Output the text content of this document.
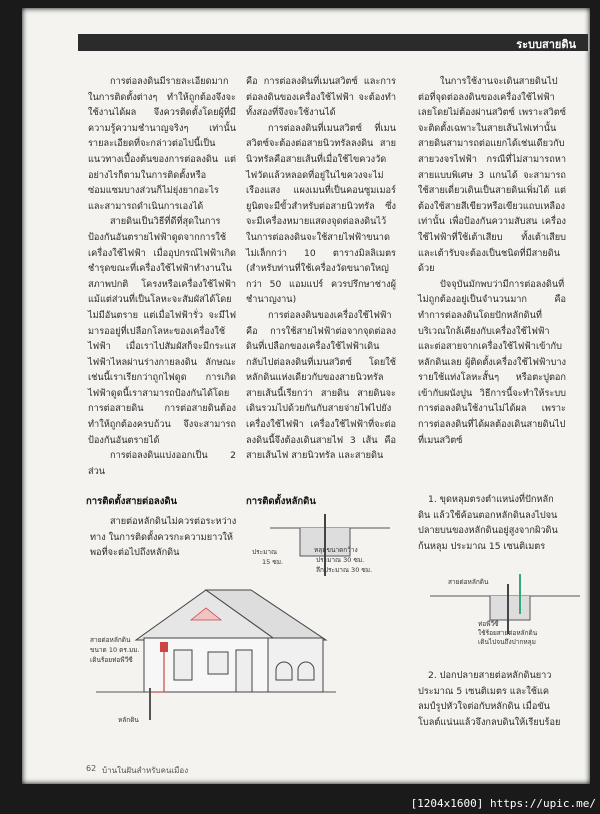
ระบบสายดิน

การต่อลงดินมีรายละเอียดมากในการติดตั้งต่างๆ ทำให้ถูกต้องจึงจะใช้งานได้ผล จึงควรติดตั้งโดยผู้ที่มีความรู้ความชำนาญจริงๆ เท่านั้น รายละเอียดที่จะกล่าวต่อไปนี้เป็นแนวทางเบื้องต้นของการต่อลงดิน แต่อย่างไรก็ตามในการติดตั้งหรือซ่อมแซมบางส่วนก็ไม่ยุ่งยากอะไร และสามารถดำเนินการเองได้

สายดินเป็นวิธีที่ดีที่สุดในการป้องกันอันตรายไฟฟ้าดูดจากการใช้เครื่องใช้ไฟฟ้า เมื่ออุปกรณ์ไฟฟ้าเกิดชำรุดขณะที่เครื่องใช้ไฟฟ้าทำงานในสภาพปกติ โครงหรือเครื่องใช้ไฟฟ้าแม้แต่ส่วนที่เป็นโลหะจะสัมผัสได้โดยไม่มีอันตราย แต่เมื่อไฟฟ้ารั่ว จะมีไฟมารออยู่ที่เปลือกโลหะของเครื่องใช้ไฟฟ้า เมื่อเราไปสัมผัสก็จะมีกระแสไฟฟ้าไหลผ่านร่างกายลงดิน ลักษณะเช่นนี้เราเรียกว่าถูกไฟดูด การเกิดไฟฟ้าดูดนี้เราสามารถป้องกันได้โดยการต่อสายดิน การต่อสายดินต้องทำให้ถูกต้องครบถ้วน จึงจะสามารถป้องกันอันตรายได้

การต่อลงดินแบ่งออกเป็น 2 ส่วน

คือ การต่อลงดินที่เมนสวิตซ์ และการต่อลงดินของเครื่องใช้ไฟฟ้า จะต้องทำทั้งสองที่จึงจะใช้งานได้

การต่อลงดินที่เมนสวิตซ์ ที่เมนสวิตซ์จะต้องต่อสายนิวทรัลลงดิน สายนิวทรัลคือสายเส้นที่เมื่อใช้ไขควงวัดไฟวัดแล้วหลอดที่อยู่ในไขควงจะไม่เรืองแสง แผงเมนที่เป็นคอนซูมเมอร์ยูนิตจะมีขั้วสำหรับต่อสายนิวทรัล ซึ่งจะมีเครื่องหมายแสดงจุดต่อลงดินไว้ ในการต่อลงดินจะใช้สายไฟฟ้าขนาดไม่เล็กกว่า 10 ตารางมิลลิเมตร (สำหรับท่านที่ใช้เครื่องวัดขนาดใหญ่กว่า 50 แอมแปร์ ควรปรึกษาช่างผู้ชำนาญงาน)

การต่อลงดินของเครื่องใช้ไฟฟ้า คือ การใช้สายไฟฟ้าต่อจากจุดต่อลงดินที่เปลือกของเครื่องใช้ไฟฟ้าเดินกลับไปต่อลงดินที่เมนสวิตซ์ โดยใช้หลักดินแห่งเดียวกับของสายนิวทรัล สายเส้นนี้เรียกว่า สายดิน สายดินจะเดินรวมไปด้วยกันกับสายจ่ายไฟไปยังเครื่องใช้ไฟฟ้า เครื่องใช้ไฟฟ้าที่จะต่อลงดินนี้จึงต้องเดินสายไฟ 3 เส้น คือ สายเส้นไฟ สายนิวทรัล และสายดิน

ในการใช้งานจะเดินสายดินไปต่อที่จุดต่อลงดินของเครื่องใช้ไฟฟ้าเลยโดยไม่ต้องผ่านสวิตซ์ เพราะสวิตซ์จะติดตั้งเฉพาะในสายเส้นไฟเท่านั้น สายดินสามารถต่อแยกได้เช่นเดียวกับสายวงจรไฟฟ้า กรณีที่ไม่สามารถหาสายแบบพิเศษ 3 แกนได้ จะสามารถใช้สายเดี่ยวเดินเป็นสายดินเพิ่มได้ แต่ต้องใช้สายสีเขียวหรือเขียวแถบเหลืองเท่านั้น เพื่อป้องกันความสับสน เครื่องใช้ไฟฟ้าที่ใช้เต้าเสียบ ทั้งเต้าเสียบและเต้ารับจะต้องเป็นชนิดที่มีสายดินด้วย

ปัจจุบันมักพบว่ามีการต่อลงดินที่ไม่ถูกต้องอยู่เป็นจำนวนมาก คือทำการต่อลงดินโดยปักหลักดินที่บริเวณใกล้เคียงกับเครื่องใช้ไฟฟ้า และต่อสายจากเครื่องใช้ไฟฟ้าเข้ากับหลักดินเลย ผู้ติดตั้งเครื่องใช้ไฟฟ้าบางรายใช้แท่งโลหะสั้นๆ หรือตะปูตอกเข้ากับผนังปูน วิธีการนี้จะทำให้ระบบการต่อลงดินใช้งานไม่ได้ผล เพราะการต่อลงดินที่ได้ผลต้องเดินสายดินไปที่เมนสวิตซ์

การติดตั้งสายต่อลงดิน
สายต่อหลักดินไม่ควรต่อระหว่างทาง ในการติดตั้งควรกะความยาวให้พอที่จะต่อไปถึงหลักดิน
การติดตั้งหลักดิน	1. ขุดหลุมตรงตำแหน่งที่ปักหลักดิน แล้วใช้ค้อนตอกหลักดินลงไปจนปลายบนของหลักดินอยู่สูงจากผิวดินก้นหลุม ประมาณ 15 เซนติเมตร
2. ปอกปลายสายต่อหลักดินยาวประมาณ 5 เซนติเมตร และใช้แคลมป์รูปหัวใจต่อกับหลักดิน เมื่อขันโบลต์แน่นแล้วจึงกลบดินให้เรียบร้อย
สายต่อหลักดิน
ขนาด 10 ตร.มม.
เดินร้อยท่อพีวีซี
หลักดิน
ประมาณ
15 ซม.
หลุมขนาดกว้าง
ประมาณ 30 ซม.
ลึกประมาณ 30 ซม.
สายต่อหลักดิน
ท่อพีวีซี
ใช้ร้อยสายต่อหลักดิน
เดินไปจนถึงปากหลุม
62 บ้านในฝันสำหรับคนเมือง
[1204x1600] https://upic.me/
